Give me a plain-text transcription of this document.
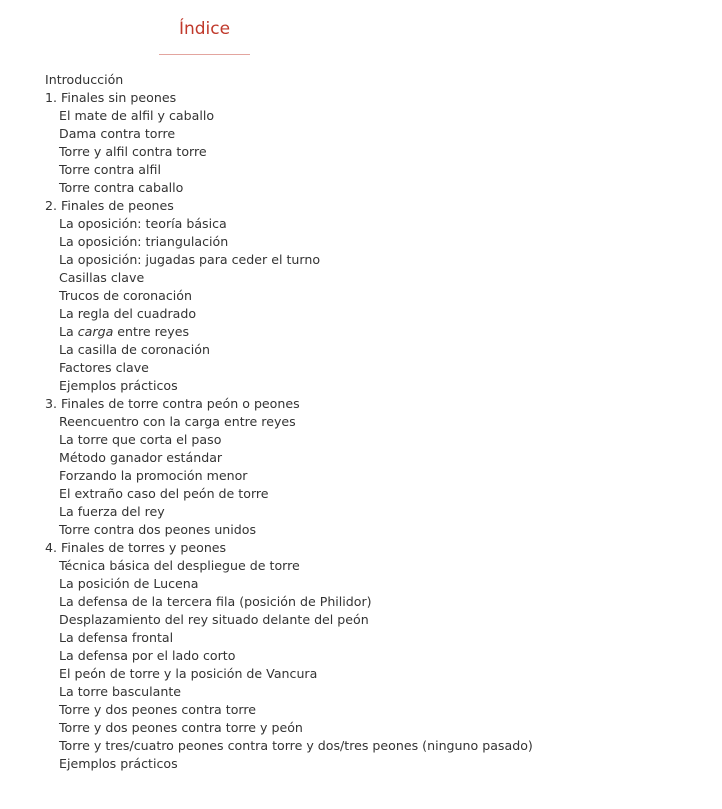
Índice
Introducción
1. Finales sin peones
El mate de alfil y caballo
Dama contra torre
Torre y alfil contra torre
Torre contra alfil
Torre contra caballo
2. Finales de peones
La oposición: teoría básica
La oposición: triangulación
La oposición: jugadas para ceder el turno
Casillas clave
Trucos de coronación
La regla del cuadrado
La carga entre reyes
La casilla de coronación
Factores clave
Ejemplos prácticos
3. Finales de torre contra peón o peones
Reencuentro con la carga entre reyes
La torre que corta el paso
Método ganador estándar
Forzando la promoción menor
El extraño caso del peón de torre
La fuerza del rey
Torre contra dos peones unidos
4. Finales de torres y peones
Técnica básica del despliegue de torre
La posición de Lucena
La defensa de la tercera fila (posición de Philidor)
Desplazamiento del rey situado delante del peón
La defensa frontal
La defensa por el lado corto
El peón de torre y la posición de Vancura
La torre basculante
Torre y dos peones contra torre
Torre y dos peones contra torre y peón
Torre y tres/cuatro peones contra torre y dos/tres peones (ninguno pasado)
Ejemplos prácticos
